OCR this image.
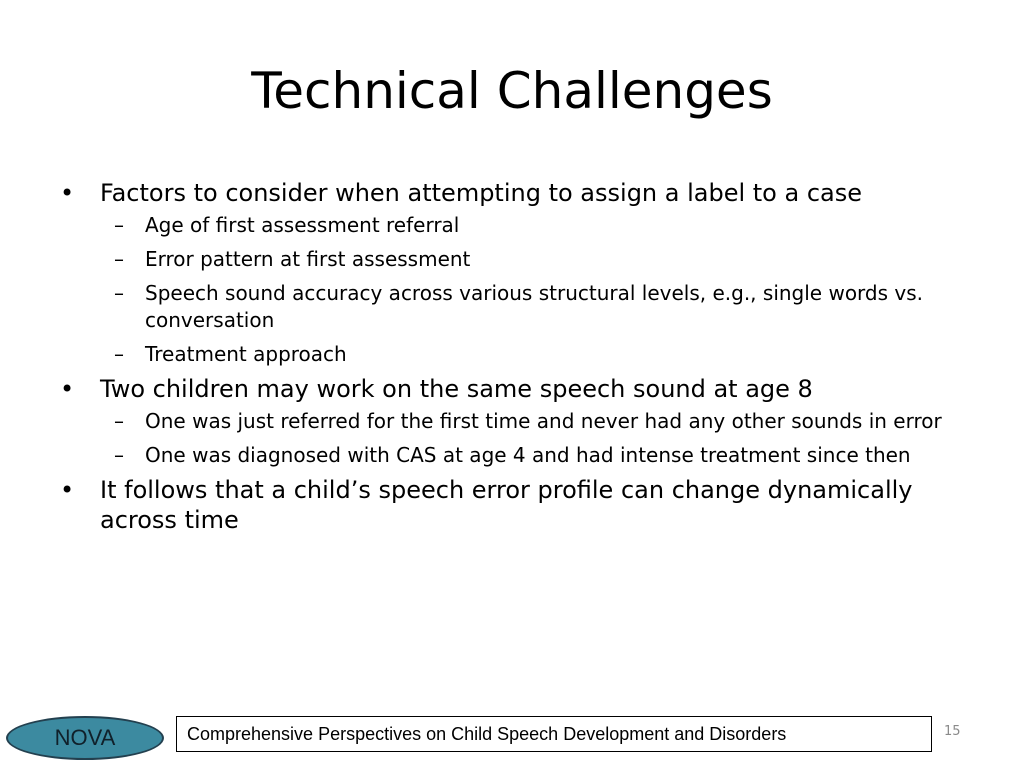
Technical Challenges
• Factors to consider when attempting to assign a label to a case
– Age of first assessment referral
– Error pattern at first assessment
– Speech sound accuracy across various structural levels, e.g., single words vs. conversation
– Treatment approach
• Two children may work on the same speech sound at age 8
– One was just referred for the first time and never had any other sounds in error
– One was diagnosed with CAS at age 4 and had intense treatment since then
• It follows that a child’s speech error profile can change dynamically across time
NOVA	Comprehensive Perspectives on Child Speech Development and Disorders	15
